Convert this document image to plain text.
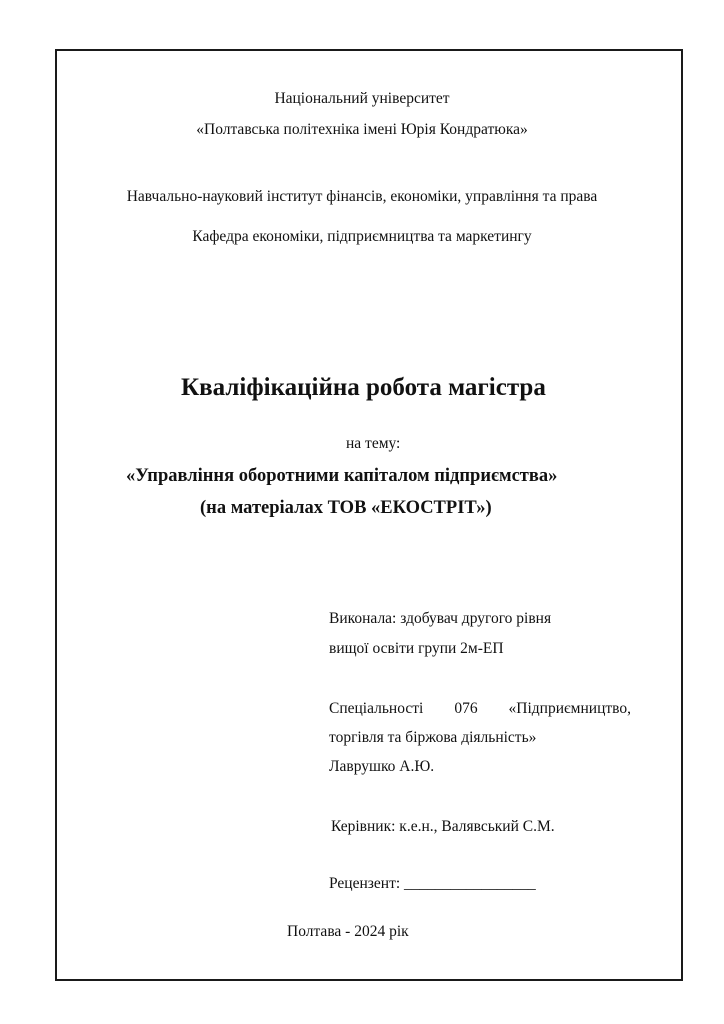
Національний університет
«Полтавська політехніка імені Юрія Кондратюка»
Навчально-науковий інститут фінансів, економіки, управління та права
Кафедра економіки, підприємництва та маркетингу
Кваліфікаційна робота магістра
на тему:
«Управління оборотними капіталом підприємства»
(на матеріалах ТОВ «ЕКОСТРІТ»)
Виконала: здобувач другого рівня
вищої освіти групи 2м-ЕП
Спеціальності 076 «Підприємництво,
торгівля та біржова діяльність»
Лаврушко А.Ю.
Керівник: к.е.н., Валявський С.М.
Рецензент: _________________
Полтава - 2024 рік
